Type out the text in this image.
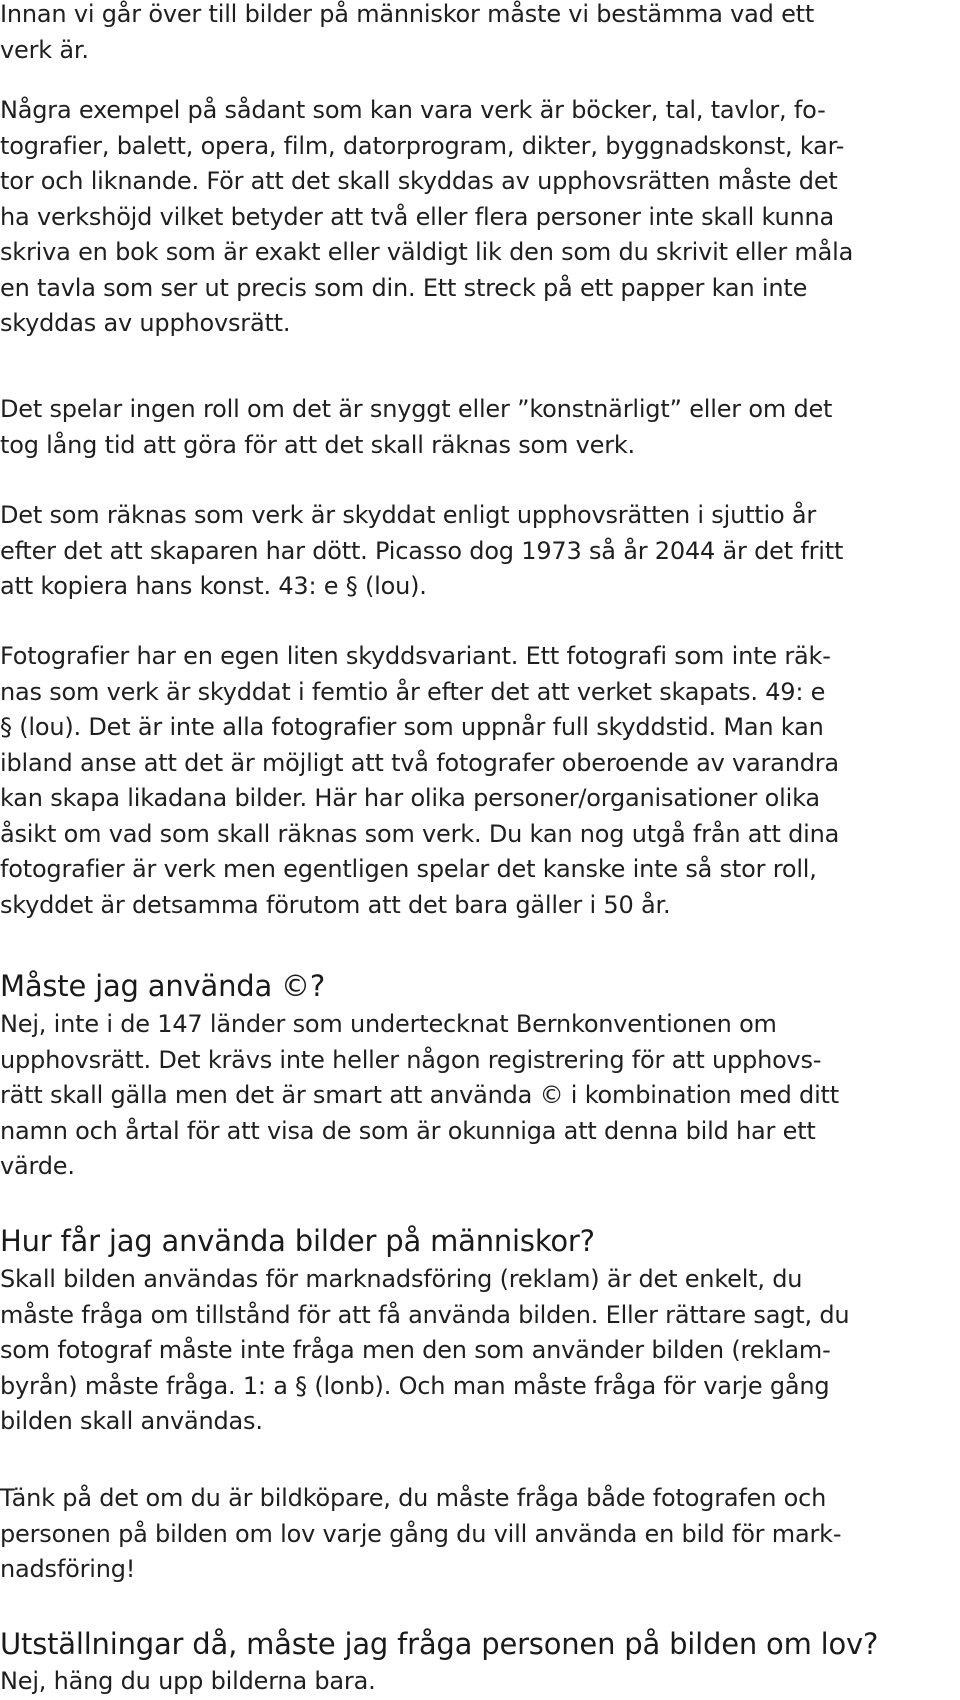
Innan vi går över till bilder på människor måste vi bestämma vad ett
verk är.
Några exempel på sådant som kan vara verk är böcker, tal, tavlor, fo-
tografier, balett, opera, film, datorprogram, dikter, byggnadskonst, kar-
tor och liknande. För att det skall skyddas av upphovsrätten måste det
ha verkshöjd vilket betyder att två eller flera personer inte skall kunna
skriva en bok som är exakt eller väldigt lik den som du skrivit eller måla
en tavla som ser ut precis som din. Ett streck på ett papper kan inte
skyddas av upphovsrätt.
Det spelar ingen roll om det är snyggt eller ”konstnärligt” eller om det
tog lång tid att göra för att det skall räknas som verk.
Det som räknas som verk är skyddat enligt upphovsrätten i sjuttio år
efter det att skaparen har dött. Picasso dog 1973 så år 2044 är det fritt
att kopiera hans konst. 43: e § (lou).
Fotografier har en egen liten skyddsvariant. Ett fotografi som inte räk-
nas som verk är skyddat i femtio år efter det att verket skapats. 49: e
§ (lou). Det är inte alla fotografier som uppnår full skyddstid. Man kan
ibland anse att det är möjligt att två fotografer oberoende av varandra
kan skapa likadana bilder. Här har olika personer/organisationer olika
åsikt om vad som skall räknas som verk. Du kan nog utgå från att dina
fotografier är verk men egentligen spelar det kanske inte så stor roll,
skyddet är detsamma förutom att det bara gäller i 50 år.
Måste jag använda ©?
Nej, inte i de 147 länder som undertecknat Bernkonventionen om
upphovsrätt. Det krävs inte heller någon registrering för att upphovs-
rätt skall gälla men det är smart att använda © i kombination med ditt
namn och årtal för att visa de som är okunniga att denna bild har ett
värde.
Hur får jag använda bilder på människor?
Skall bilden användas för marknadsföring (reklam) är det enkelt, du
måste fråga om tillstånd för att få använda bilden. Eller rättare sagt, du
som fotograf måste inte fråga men den som använder bilden (reklam-
byrån) måste fråga. 1: a § (lonb). Och man måste fråga för varje gång
bilden skall användas.
Tänk på det om du är bildköpare, du måste fråga både fotografen och
personen på bilden om lov varje gång du vill använda en bild för mark-
nadsföring!
Utställningar då, måste jag fråga personen på bilden om lov?
Nej, häng du upp bilderna bara.
